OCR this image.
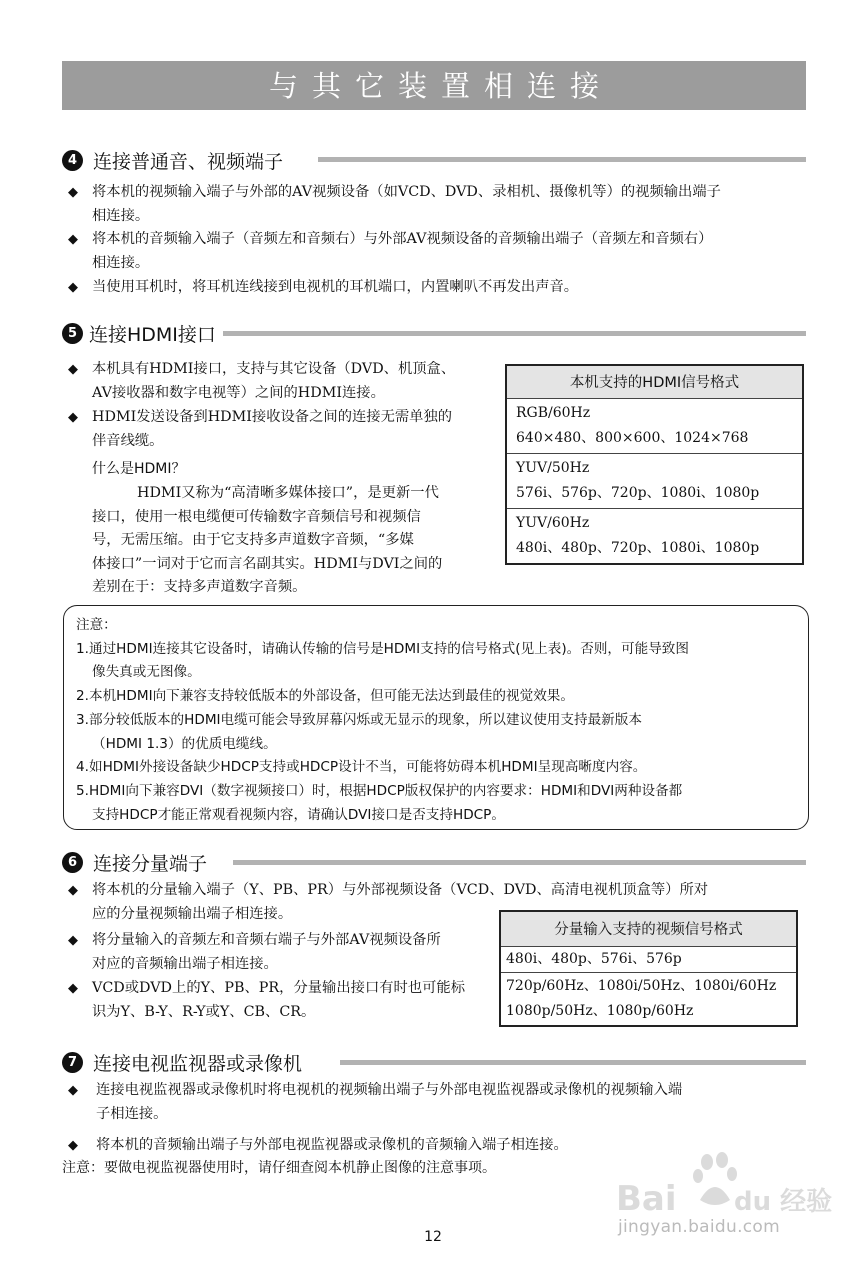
与其它装置相连接
4 连接普通音、视频端子
◆ 将本机的视频输入端子与外部的AV视频设备（如VCD、DVD、录相机、摄像机等）的视频输出端子
相连接。
◆ 将本机的音频输入端子（音频左和音频右）与外部AV视频设备的音频输出端子（音频左和音频右）
相连接。
◆ 当使用耳机时，将耳机连线接到电视机的耳机端口，内置喇叭不再发出声音。
5 连接HDMI接口
◆ 本机具有HDMI接口，支持与其它设备（DVD、机顶盒、
AV接收器和数字电视等）之间的HDMI连接。
◆ HDMI发送设备到HDMI接收设备之间的连接无需单独的
伴音线缆。
什么是HDMI？
HDMI又称为“高清晰多媒体接口”，是更新一代
接口，使用一根电缆便可传输数字音频信号和视频信
号，无需压缩。由于它支持多声道数字音频，“多媒
体接口”一词对于它而言名副其实。HDMI与DVI之间的
差别在于：支持多声道数字音频。
本机支持的HDMI信号格式
RGB/60Hz
640×480、800×600、1024×768
YUV/50Hz
576i、576p、720p、1080i、1080p
YUV/60Hz
480i、480p、720p、1080i、1080p
注意：
1.通过HDMI连接其它设备时，请确认传输的信号是HDMI支持的信号格式(见上表)。否则，可能导致图
像失真或无图像。
2.本机HDMI向下兼容支持较低版本的外部设备，但可能无法达到最佳的视觉效果。
3.部分较低版本的HDMI电缆可能会导致屏幕闪烁或无显示的现象，所以建议使用支持最新版本
（HDMI 1.3）的优质电缆线。
4.如HDMI外接设备缺少HDCP支持或HDCP设计不当，可能将妨碍本机HDMI呈现高晰度内容。
5.HDMI向下兼容DVI（数字视频接口）时，根据HDCP版权保护的内容要求：HDMI和DVI两种设备都
支持HDCP才能正常观看视频内容，请确认DVI接口是否支持HDCP。
6 连接分量端子
◆ 将本机的分量输入端子（Y、PB、PR）与外部视频设备（VCD、DVD、高清电视机顶盒等）所对
应的分量视频输出端子相连接。
◆ 将分量输入的音频左和音频右端子与外部AV视频设备所
对应的音频输出端子相连接。
◆ VCD或DVD上的Y、PB、PR，分量输出接口有时也可能标
识为Y、B-Y、R-Y或Y、CB、CR。
分量输入支持的视频信号格式
480i、480p、576i、576p
720p/60Hz、1080i/50Hz、1080i/60Hz
1080p/50Hz、1080p/60Hz
7 连接电视监视器或录像机
◆ 连接电视监视器或录像机时将电视机的视频输出端子与外部电视监视器或录像机的视频输入端
子相连接。
◆ 将本机的音频输出端子与外部电视监视器或录像机的音频输入端子相连接。
注意：要做电视监视器使用时，请仔细查阅本机静止图像的注意事项。
Bai du 经验
jingyan.baidu.com
12
